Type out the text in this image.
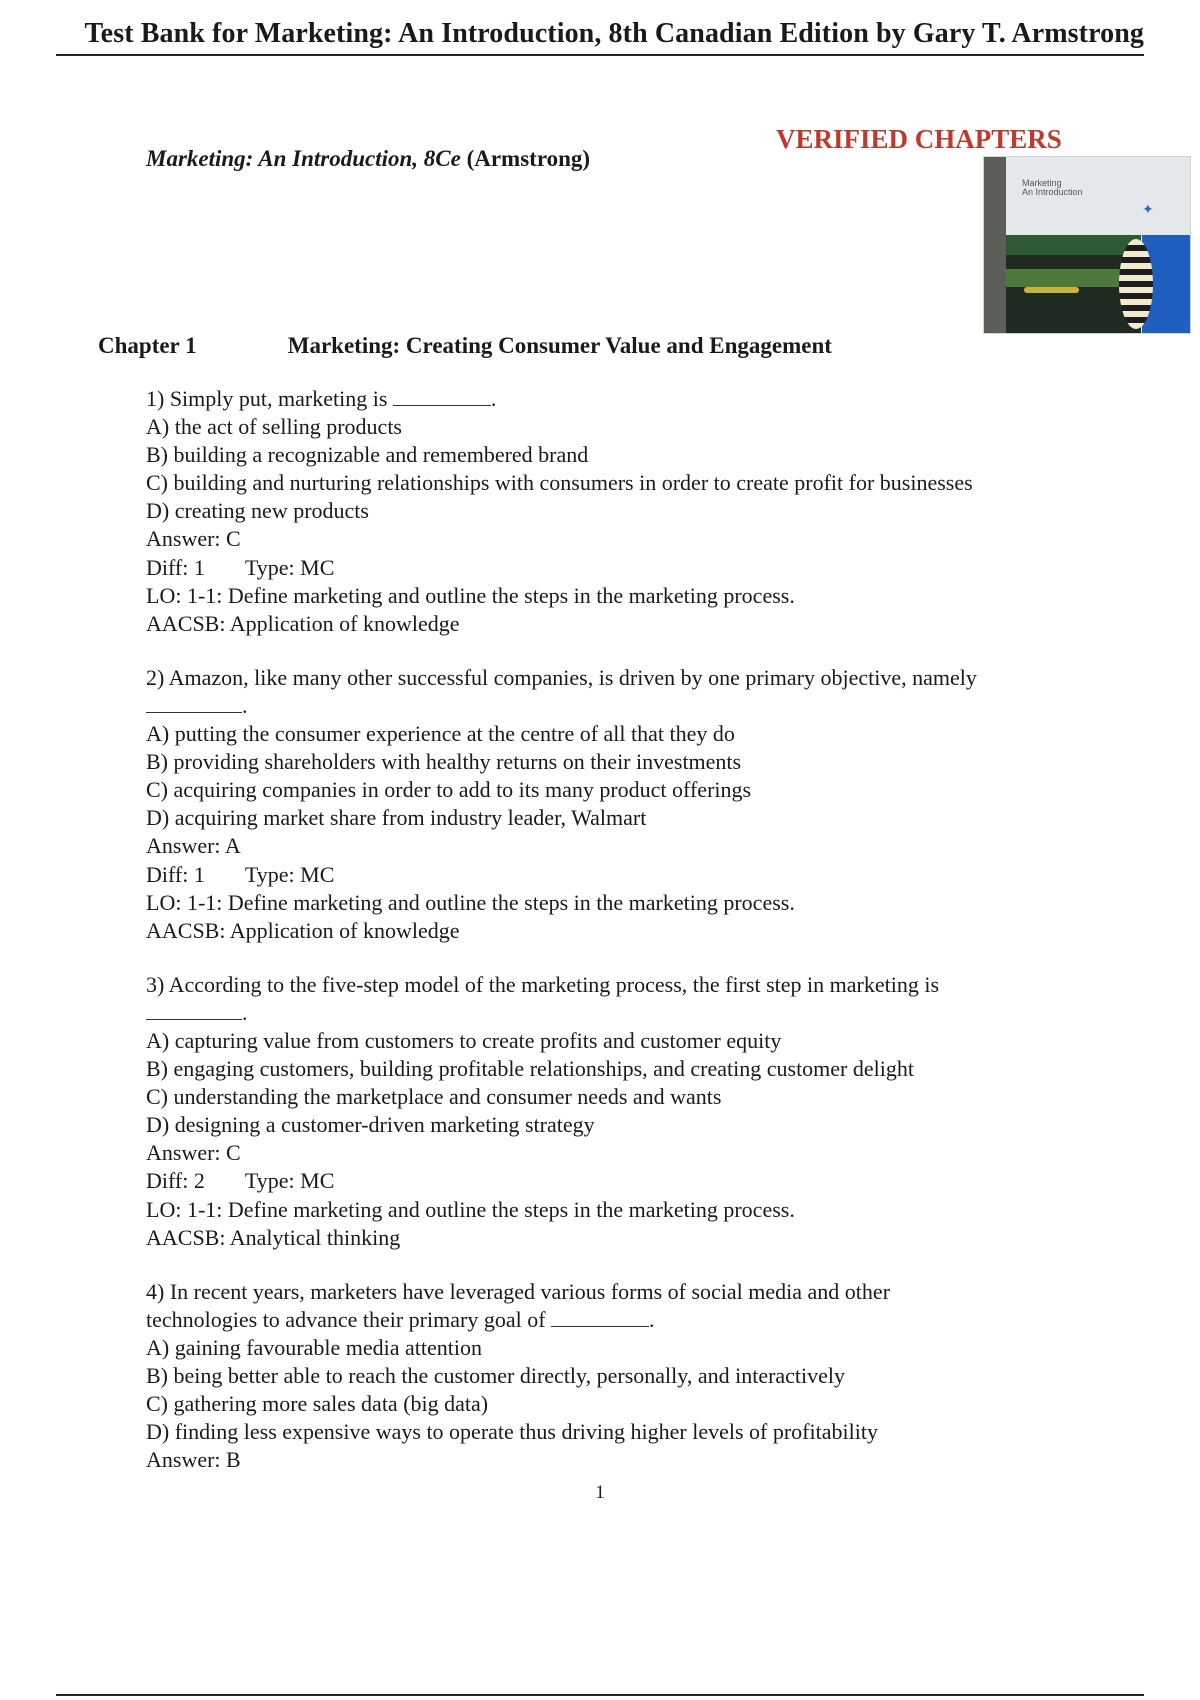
Test Bank for Marketing: An Introduction, 8th Canadian Edition by Gary T. Armstrong
Marketing: An Introduction, 8Ce (Armstrong)
VERIFIED CHAPTERS
Marketing
An Introduction
✦
Chapter 1	Marketing: Creating Consumer Value and Engagement
1) Simply put, marketing is	.
A) the act of selling products
B) building a recognizable and remembered brand
C) building and nurturing relationships with consumers in order to create profit for businesses
D) creating new products
Answer: C
Diff: 1 Type: MC
LO: 1-1: Define marketing and outline the steps in the marketing process.
AACSB: Application of knowledge
2) Amazon, like many other successful companies, is driven by one primary objective, namely
.
A) putting the consumer experience at the centre of all that they do
B) providing shareholders with healthy returns on their investments
C) acquiring companies in order to add to its many product offerings
D) acquiring market share from industry leader, Walmart
Answer: A
Diff: 1 Type: MC
LO: 1-1: Define marketing and outline the steps in the marketing process.
AACSB: Application of knowledge
3) According to the five-step model of the marketing process, the first step in marketing is
.
A) capturing value from customers to create profits and customer equity
B) engaging customers, building profitable relationships, and creating customer delight
C) understanding the marketplace and consumer needs and wants
D) designing a customer-driven marketing strategy
Answer: C
Diff: 2 Type: MC
LO: 1-1: Define marketing and outline the steps in the marketing process.
AACSB: Analytical thinking
4) In recent years, marketers have leveraged various forms of social media and other
technologies to advance their primary goal of	.
A) gaining favourable media attention
B) being better able to reach the customer directly, personally, and interactively
C) gathering more sales data (big data)
D) finding less expensive ways to operate thus driving higher levels of profitability
Answer: B
1
